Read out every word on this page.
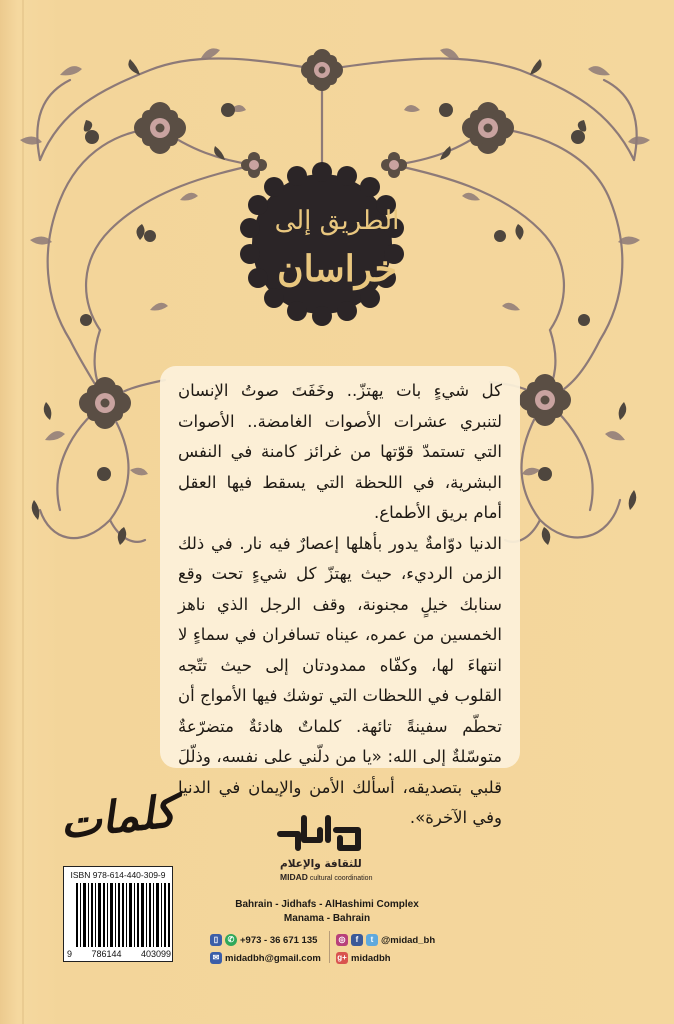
الطريق إلى
خراسان

كل شيءٍ بات يهتزّ.. وخَفَتَ صوتُ الإنسان لتنبري عشرات الأصوات الغامضة.. الأصوات التي تستمدّ قوّتها من غرائز كامنة في النفس البشرية، في اللحظة التي يسقط فيها العقل أمام بريق الأطماع.

الدنيا دوّامةٌ يدور بأهلها إعصارٌ فيه نار. في ذلك الزمن الرديء، حيث يهتزّ كل شيءٍ تحت وقع سنابك خيلٍ مجنونة، وقف الرجل الذي ناهز الخمسين من عمره، عيناه تسافران في سماءٍ لا انتهاءَ لها، وكفّاه ممدودتان إلى حيث تتّجه القلوب في اللحظات التي توشك فيها الأمواج أن تحطّم سفينةً تائهة. كلماتٌ هادئةٌ متضرّعةٌ متوسّلةٌ إلى الله: «يا من دلّني على نفسه، وذلّلَ قلبي بتصديقه، أسألك الأمن والإيمان في الدنيا وفي الآخرة».

كلمات
ISBN 978-614-440-309-9
9 786144 403099
للثقافة والإعلام
MIDAD cultural coordination
Bahrain - Jidhafs - AlHashimi Complex
Manama - Bahrain
▯	✆ +973 - 36 671 135
✉ midadbh@gmail.com
◎	f	t @midad_bh
g+ midadbh
